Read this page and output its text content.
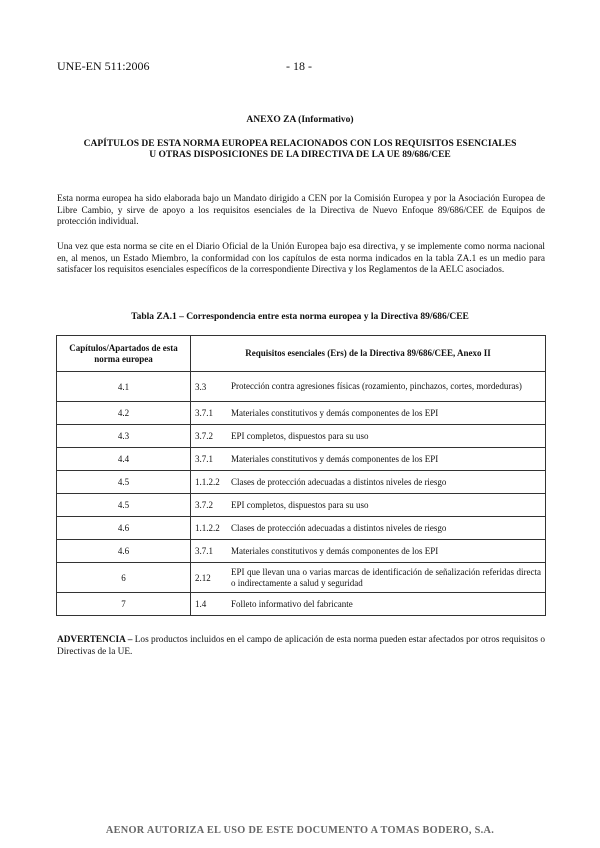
UNE-EN 511:2006	- 18 -
ANEXO ZA (Informativo)
CAPÍTULOS DE ESTA NORMA EUROPEA RELACIONADOS CON LOS REQUISITOS ESENCIALES
U OTRAS DISPOSICIONES DE LA DIRECTIVA DE LA UE 89/686/CEE

Esta norma europea ha sido elaborada bajo un Mandato dirigido a CEN por la Comisión Europea y por la Asociación Europea de Libre Cambio, y sirve de apoyo a los requisitos esenciales de la Directiva de Nuevo Enfoque 89/686/CEE de Equipos de protección individual.

Una vez que esta norma se cite en el Diario Oficial de la Unión Europea bajo esa directiva, y se implemente como norma nacional en, al menos, un Estado Miembro, la conformidad con los capítulos de esta norma indicados en la tabla ZA.1 es un medio para satisfacer los requisitos esenciales específicos de la correspondiente Directiva y los Reglamentos de la AELC asociados.

Tabla ZA.1 – Correspondencia entre esta norma europea y la Directiva 89/686/CEE
Capítulos/Apartados de esta norma europea	Requisitos esenciales (Ers) de la Directiva 89/686/CEE, Anexo II
4.1	3.3 Protección contra agresiones físicas (rozamiento, pinchazos, cortes, mordeduras)

4.2	3.7.1 Materiales constitutivos y demás componentes de los EPI

4.3	3.7.2 EPI completos, dispuestos para su uso

4.4	3.7.1 Materiales constitutivos y demás componentes de los EPI

4.5	1.1.2.2 Clases de protección adecuadas a distintos niveles de riesgo

4.5	3.7.2 EPI completos, dispuestos para su uso

4.6	1.1.2.2 Clases de protección adecuadas a distintos niveles de riesgo

4.6	3.7.1 Materiales constitutivos y demás componentes de los EPI

6	2.12
EPI que llevan una o varias marcas de identificación de señalización referidas directa o indirectamente a salud y seguridad

7	1.4 Folleto informativo del fabricante
ADVERTENCIA – Los productos incluidos en el campo de aplicación de esta norma pueden estar afectados por otros requisitos o Directivas de la UE.
AENOR AUTORIZA EL USO DE ESTE DOCUMENTO A TOMAS BODERO, S.A.
